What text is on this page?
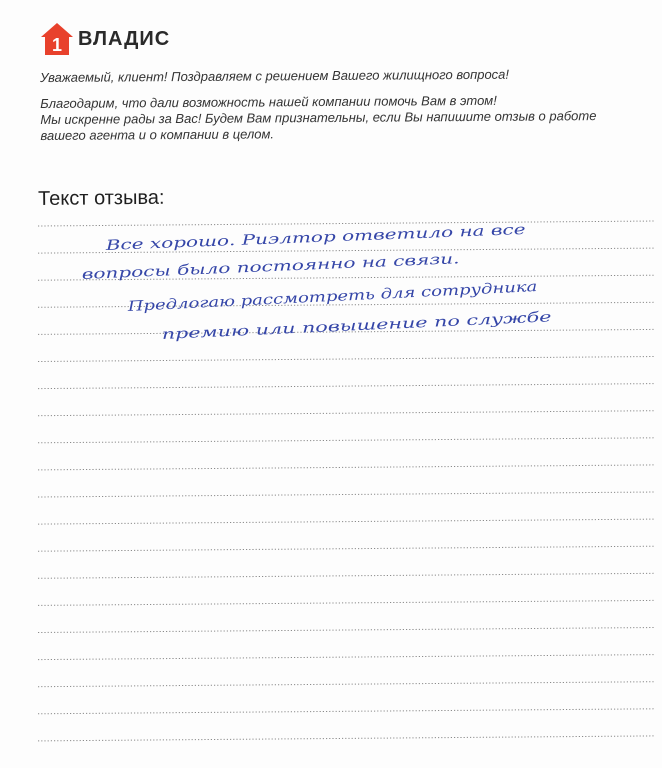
1 ВЛАДИС

Уважаемый, клиент! Поздравляем с решением Вашего жилищного вопроса!

Благодарим, что дали возможность нашей компании помочь Вам в этом!
Мы искренне рады за Вас! Будем Вам признательны, если Вы напишите отзыв о работе
вашего агента и о компании в целом.

Текст отзыва:
Все хорошо. Риэлтор ответило на все
вопросы было постоянно на связи.
Предлогаю рассмотреть для сотрудника
премию или повышение по службе
